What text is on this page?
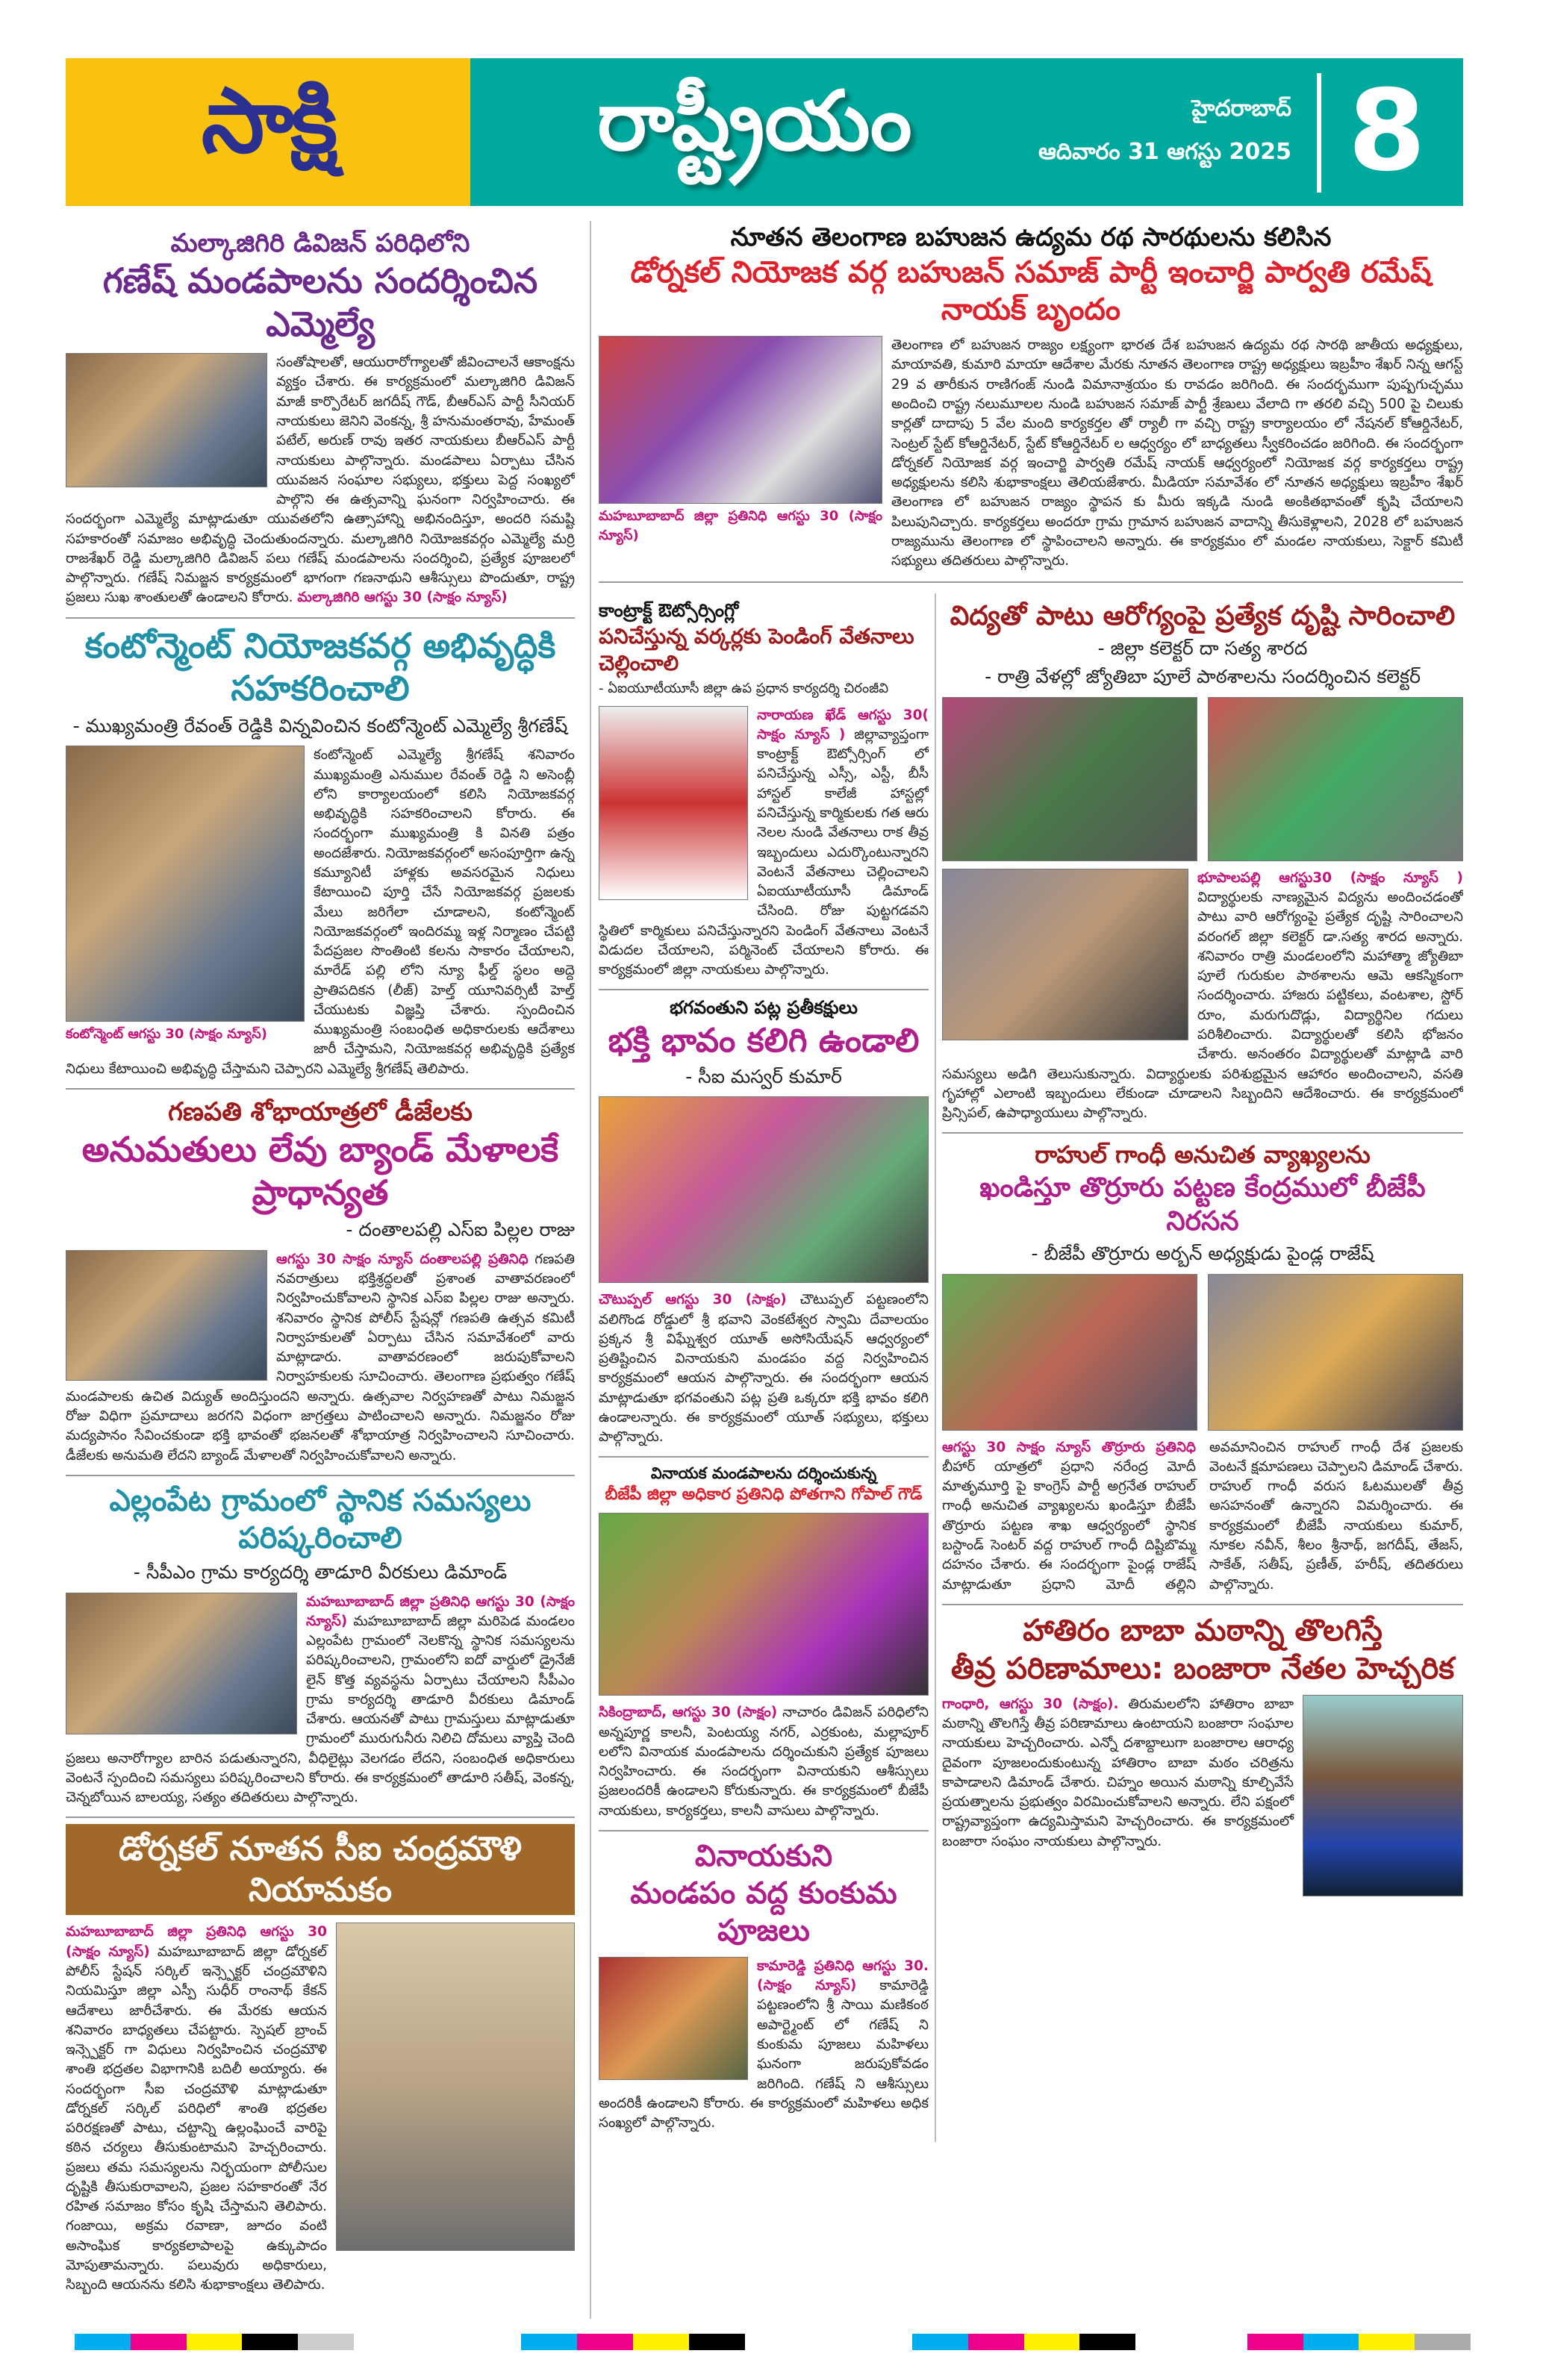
సాక్షి	రాష్ట్రీయం	హైదరాబాద్
ఆదివారం 31 ఆగస్టు 2025 8
మల్కాజిగిరి డివిజన్ పరిధిలోని
గణేష్ మండపాలను సందర్శించిన ఎమ్మెల్యే
సంతోషాలతో, ఆయురారోగ్యాలతో జీవించాలనే ఆకాంక్షను వ్యక్తం చేశారు. ఈ కార్యక్రమంలో మల్కాజిగిరి డివిజన్ మాజీ కార్పొరేటర్ జగదీష్ గౌడ్, బీఆర్ఎస్ పార్టీ సీనియర్ నాయకులు జెనిని వెంకన్న, శ్రీ హనుమంతరావు, హేమంత్ పటేల్, అరుణ్ రావు ఇతర నాయకులు బీఆర్ఎస్ పార్టీ నాయకులు పాల్గొన్నారు. మండపాలు ఏర్పాటు చేసిన యువజన సంఘాల సభ్యులు, భక్తులు పెద్ద సంఖ్యలో పాల్గొని ఈ ఉత్సవాన్ని ఘనంగా నిర్వహించారు. ఈ సందర్భంగా ఎమ్మెల్యే మాట్లాడుతూ యువతలోని ఉత్సాహాన్ని అభినందిస్తూ, అందరి సమష్టి సహకారంతో సమాజం అభివృద్ధి చెందుతుందన్నారు. మల్కాజిగిరి నియోజకవర్గం ఎమ్మెల్యే మర్రి రాజశేఖర్ రెడ్డి మల్కాజిగిరి డివిజన్ పలు గణేష్ మండపాలను సందర్శించి, ప్రత్యేక పూజలలో పాల్గొన్నారు. గణేష్ నిమజ్జన కార్యక్రమంలో భాగంగా గణనాథుని ఆశీస్సులు పొందుతూ, రాష్ట్ర ప్రజలు సుఖ శాంతులతో ఉండాలని కోరారు. మల్కాజిగిరి ఆగస్టు 30 (సాక్షం న్యూస్)
కంటోన్మెంట్ నియోజకవర్గ అభివృద్ధికి సహకరించాలి
- ముఖ్యమంత్రి రేవంత్ రెడ్డికి విన్నవించిన కంటోన్మెంట్ ఎమ్మెల్యే శ్రీగణేష్
కంటోన్మెంట్ ఆగస్టు 30 (సాక్షం న్యూస్)
కంటోన్మెంట్ ఎమ్మెల్యే శ్రీగణేష్ శనివారం ముఖ్యమంత్రి ఎనుముల రేవంత్ రెడ్డి ని అసెంబ్లీ లోని కార్యాలయంలో కలిసి నియోజకవర్గ అభివృద్ధికి సహకరించాలని కోరారు. ఈ సందర్భంగా ముఖ్యమంత్రి కి వినతి పత్రం అందజేశారు. నియోజకవర్గంలో అసంపూర్తిగా ఉన్న కమ్యూనిటీ హాళ్లకు అవసరమైన నిధులు కేటాయించి పూర్తి చేసే నియోజకవర్గ ప్రజలకు మేలు జరిగేలా చూడాలని, కంటోన్మెంట్ నియోజకవర్గంలో ఇందిరమ్మ ఇళ్ల నిర్మాణం చేపట్టి పేదప్రజల సొంతింటి కలను సాకారం చేయాలని, మారేడ్ పల్లి లోని న్యూ ఫీల్డ్ స్థలం అద్దె ప్రాతిపదికన (లీజ్) హెల్త్ యూనివర్సిటీ హెల్త్ చేయుటకు విజ్ఞప్తి చేశారు. స్పందించిన ముఖ్యమంత్రి సంబంధిత అధికారులకు ఆదేశాలు జారీ చేస్తామని, నియోజకవర్గ అభివృద్ధికి ప్రత్యేక నిధులు కేటాయించి అభివృద్ధి చేస్తామని చెప్పారని ఎమ్మెల్యే శ్రీగణేష్ తెలిపారు.
గణపతి శోభాయాత్రలో డీజేలకు
అనుమతులు లేవు బ్యాండ్ మేళాలకే ప్రాధాన్యత
- దంతాలపల్లి ఎస్ఐ పిల్లల రాజు
ఆగస్టు 30 సాక్షం న్యూస్ దంతాలపల్లి ప్రతినిధి గణపతి నవరాత్రులు భక్తిశ్రద్ధలతో ప్రశాంత వాతావరణంలో నిర్వహించుకోవాలని స్థానిక ఎస్ఐ పిల్లల రాజు అన్నారు. శనివారం స్థానిక పోలీస్ స్టేషన్లో గణపతి ఉత్సవ కమిటీ నిర్వాహకులతో ఏర్పాటు చేసిన సమావేశంలో వారు మాట్లాడారు. వాతావరణంలో జరుపుకోవాలని నిర్వాహకులకు సూచించారు. తెలంగాణ ప్రభుత్వం గణేష్ మండపాలకు ఉచిత విద్యుత్ అందిస్తుందని అన్నారు. ఉత్సవాల నిర్వహణతో పాటు నిమజ్జన రోజు విధిగా ప్రమాదాలు జరగని విధంగా జాగ్రత్తలు పాటించాలని అన్నారు. నిమజ్జనం రోజు మద్యపానం సేవించకుండా భక్తి భావంతో భజనలతో శోభాయాత్ర నిర్వహించాలని సూచించారు. డీజేలకు అనుమతి లేదని బ్యాండ్ మేళాలతో నిర్వహించుకోవాలని అన్నారు.
ఎల్లంపేట గ్రామంలో స్థానిక సమస్యలు పరిష్కరించాలి
- సీపీఎం గ్రామ కార్యదర్శి తాడూరి వీరకులు డిమాండ్
మహబూబాబాద్ జిల్లా ప్రతినిధి ఆగస్టు 30 (సాక్షం న్యూస్) మహబూబాబాద్ జిల్లా మరిపెడ మండలం ఎల్లంపేట గ్రామంలో నెలకొన్న స్థానిక సమస్యలను పరిష్కరించాలని, గ్రామంలోని ఐదో వార్డులో డ్రైనేజీ లైన్ కొత్త వ్యవస్థను ఏర్పాటు చేయాలని సీపీఎం గ్రామ కార్యదర్శి తాడూరి వీరకులు డిమాండ్ చేశారు. ఆయనతో పాటు గ్రామస్తులు మాట్లాడుతూ గ్రామంలో మురుగునీరు నిలిచి దోమలు వ్యాప్తి చెంది ప్రజలు అనారోగ్యాల బారిన పడుతున్నారని, వీధిలైట్లు వెలగడం లేదని, సంబంధిత అధికారులు వెంటనే స్పందించి సమస్యలు పరిష్కరించాలని కోరారు. ఈ కార్యక్రమంలో తాడూరి సతీష్, వెంకన్న, చెన్నబోయిన బాలయ్య, సత్యం తదితరులు పాల్గొన్నారు.
డోర్నకల్ నూతన సీఐ చంద్రమౌళి నియామకం
మహబూబాబాద్ జిల్లా ప్రతినిధి ఆగస్టు 30 (సాక్షం న్యూస్) మహబూబాబాద్ జిల్లా డోర్నకల్ పోలీస్ స్టేషన్ సర్కిల్ ఇన్స్పెక్టర్ చంద్రమౌళిని నియమిస్తూ జిల్లా ఎస్పీ సుధీర్ రాంనాథ్ కేకన్ ఆదేశాలు జారీచేశారు. ఈ మేరకు ఆయన శనివారం బాధ్యతలు చేపట్టారు. స్పెషల్ బ్రాంచ్ ఇన్స్పెక్టర్ గా విధులు నిర్వహించిన చంద్రమౌళి శాంతి భద్రతల విభాగానికి బదిలీ అయ్యారు. ఈ సందర్భంగా సీఐ చంద్రమౌళి మాట్లాడుతూ డోర్నకల్ సర్కిల్ పరిధిలో శాంతి భద్రతల పరిరక్షణతో పాటు, చట్టాన్ని ఉల్లంఘించే వారిపై కఠిన చర్యలు తీసుకుంటామని హెచ్చరించారు. ప్రజలు తమ సమస్యలను నిర్భయంగా పోలీసుల దృష్టికి తీసుకురావాలని, ప్రజల సహకారంతో నేర రహిత సమాజం కోసం కృషి చేస్తామని తెలిపారు. గంజాయి, అక్రమ రవాణా, జూదం వంటి అసాంఘిక కార్యకలాపాలపై ఉక్కుపాదం మోపుతామన్నారు. పలువురు అధికారులు, సిబ్బంది ఆయనను కలిసి శుభాకాంక్షలు తెలిపారు.
నూతన తెలంగాణ బహుజన ఉద్యమ రథ సారథులను కలిసిన
డోర్నకల్ నియోజక వర్గ బహుజన్ సమాజ్ పార్టీ ఇంచార్జి పార్వతి రమేష్ నాయక్ బృందం
మహబూబాబాద్ జిల్లా ప్రతినిధి ఆగస్టు 30 (సాక్షం న్యూస్)
తెలంగాణ లో బహుజన రాజ్యం లక్ష్యంగా భారత దేశ బహుజన ఉద్యమ రథ సారథి జాతీయ అధ్యక్షులు, మాయావతి, కుమారి మాయా ఆదేశాల మేరకు నూతన తెలంగాణ రాష్ట్ర అధ్యక్షులు ఇబ్రహీం శేఖర్ నిన్న ఆగస్ట్ 29 వ తారీకున రాణిగంజ్ నుండి విమానాశ్రయం కు రావడం జరిగింది. ఈ సందర్భముగా పుష్పగుచ్ఛము అందించి రాష్ట్ర నలుమూలల నుండి బహుజన సమాజ్ పార్టీ శ్రేణులు వేలాది గా తరలి వచ్చి 500 పై చిలుకు కార్లతో దాదాపు 5 వేల మంది కార్యకర్తల తో ర్యాలీ గా వచ్చి రాష్ట్ర కార్యాలయం లో నేషనల్ కోఆర్డినేటర్, సెంట్రల్ స్టేట్ కోఆర్డినేటర్, స్టేట్ కోఆర్డినేటర్ ల ఆధ్వర్యం లో బాధ్యతలు స్వీకరించడం జరిగింది. ఈ సందర్భంగా డోర్నకల్ నియోజక వర్గ ఇంచార్జి పార్వతి రమేష్ నాయక్ ఆధ్వర్యంలో నియోజక వర్గ కార్యకర్తలు రాష్ట్ర అధ్యక్షులను కలిసి శుభాకాంక్షలు తెలియజేశారు. మీడియా సమావేశం లో నూతన అధ్యక్షులు ఇబ్రహీం శేఖర్ తెలంగాణ లో బహుజన రాజ్యం స్థాపన కు మీరు ఇక్కడి నుండి అంకితభావంతో కృషి చేయాలని పిలుపునిచ్చారు. కార్యకర్తలు అందరూ గ్రామ గ్రామాన బహుజన వాదాన్ని తీసుకెళ్లాలని, 2028 లో బహుజన రాజ్యమును తెలంగాణ లో స్థాపించాలని అన్నారు. ఈ కార్యక్రమం లో మండల నాయకులు, సెక్టార్ కమిటీ సభ్యులు తదితరులు పాల్గొన్నారు.
కాంట్రాక్ట్ ఔట్సోర్సింగ్లో
పనిచేస్తున్న వర్కర్లకు పెండింగ్ వేతనాలు చెల్లించాలి
- ఏఐయూటీయూసీ జిల్లా ఉప ప్రధాన కార్యదర్శి చిరంజీవి
నారాయణ ఖేడ్ ఆగస్టు 30( సాక్షం న్యూస్ ) జిల్లావ్యాప్తంగా కాంట్రాక్ట్ ఔట్సోర్సింగ్ లో పనిచేస్తున్న ఎస్సీ, ఎస్టీ, బీసీ హాస్టల్ కాలేజీ హాస్టల్లో పనిచేస్తున్న కార్మికులకు గత ఆరు నెలల నుండి వేతనాలు రాక తీవ్ర ఇబ్బందులు ఎదుర్కొంటున్నారని వెంటనే వేతనాలు చెల్లించాలని ఏఐయూటీయూసీ డిమాండ్ చేసింది. రోజు పుట్టగడవని స్థితిలో కార్మికులు పనిచేస్తున్నారని పెండింగ్ వేతనాలు వెంటనే విడుదల చేయాలని, పర్మినెంట్ చేయాలని కోరారు. ఈ కార్యక్రమంలో జిల్లా నాయకులు పాల్గొన్నారు.
భగవంతుని పట్ల ప్రతీకక్షులు
భక్తి భావం కలిగి ఉండాలి
- సీఐ మస్వర్ కుమార్
చౌటుప్పల్ ఆగస్టు 30 (సాక్షం) చౌటుప్పల్ పట్టణంలోని వలిగొండ రోడ్డులో శ్రీ భవాని వెంకటేశ్వర స్వామి దేవాలయం ప్రక్కన శ్రీ విఘ్నేశ్వర యూత్ అసోసియేషన్ ఆధ్వర్యంలో ప్రతిష్టించిన వినాయకుని మండపం వద్ద నిర్వహించిన కార్యక్రమంలో ఆయన పాల్గొన్నారు. ఈ సందర్భంగా ఆయన మాట్లాడుతూ భగవంతుని పట్ల ప్రతి ఒక్కరూ భక్తి భావం కలిగి ఉండాలన్నారు. ఈ కార్యక్రమంలో యూత్ సభ్యులు, భక్తులు పాల్గొన్నారు.
వినాయక మండపాలను దర్శించుకున్న
బీజేపీ జిల్లా అధికార ప్రతినిధి పోతగాని గోపాల్ గౌడ్
సికింద్రాబాద్, ఆగస్టు 30 (సాక్షం) నాచారం డివిజన్ పరిధిలోని అన్నపూర్ణ కాలనీ, పెంటయ్య నగర్, ఎర్రకుంట, మల్లాపూర్ లలోని వినాయక మండపాలను దర్శించుకుని ప్రత్యేక పూజలు నిర్వహించారు. ఈ సందర్భంగా వినాయకుని ఆశీస్సులు ప్రజలందరికీ ఉండాలని కోరుకున్నారు. ఈ కార్యక్రమంలో బీజేపీ నాయకులు, కార్యకర్తలు, కాలనీ వాసులు పాల్గొన్నారు.
వినాయకుని
మండపం వద్ద కుంకుమ పూజలు
కామారెడ్డి ప్రతినిధి ఆగస్టు 30. (సాక్షం న్యూస్) కామారెడ్డి పట్టణంలోని శ్రీ సాయి మణికంఠ అపార్ట్మెంట్ లో గణేష్ ని కుంకుమ పూజలు మహిళలు ఘనంగా జరుపుకోవడం జరిగింది. గణేష్ ని ఆశీస్సులు అందరికీ ఉండాలని కోరారు. ఈ కార్యక్రమంలో మహిళలు అధిక సంఖ్యలో పాల్గొన్నారు.
విద్యతో పాటు ఆరోగ్యంపై ప్రత్యేక దృష్టి సారించాలి
- జిల్లా కలెక్టర్ దా సత్య శారద
- రాత్రి వేళల్లో జ్యోతిబా పూలే పాఠశాలను సందర్శించిన కలెక్టర్
భూపాలపల్లి ఆగస్టు30 (సాక్షం న్యూస్ ) విద్యార్థులకు నాణ్యమైన విద్యను అందించడంతో పాటు వారి ఆరోగ్యంపై ప్రత్యేక దృష్టి సారించాలని వరంగల్ జిల్లా కలెక్టర్ డా.సత్య శారద అన్నారు. శనివారం రాత్రి మండలంలోని మహాత్మా జ్యోతిబా పూలే గురుకుల పాఠశాలను ఆమె ఆకస్మికంగా సందర్శించారు. హాజరు పట్టికలు, వంటశాల, స్టోర్ రూం, మరుగుదొడ్లు, విద్యార్థినిల గదులు పరిశీలించారు. విద్యార్థులతో కలిసి భోజనం చేశారు. అనంతరం విద్యార్థులతో మాట్లాడి వారి సమస్యలు అడిగి తెలుసుకున్నారు. విద్యార్థులకు పరిశుభ్రమైన ఆహారం అందించాలని, వసతి గృహాల్లో ఎలాంటి ఇబ్బందులు లేకుండా చూడాలని సిబ్బందిని ఆదేశించారు. ఈ కార్యక్రమంలో ప్రిన్సిపల్, ఉపాధ్యాయులు పాల్గొన్నారు.
రాహుల్ గాంధీ అనుచిత వ్యాఖ్యలను
ఖండిస్తూ తొర్రూరు పట్టణ కేంద్రములో బీజేపీ నిరసన
- బీజేపీ తొర్రూరు అర్బన్ అధ్యక్షుడు పైండ్ల రాజేష్
ఆగస్టు 30 సాక్షం న్యూస్ తొర్రూరు ప్రతినిధి బీహార్ యాత్రలో ప్రధాని నరేంద్ర మోదీ మాతృమూర్తి పై కాంగ్రెస్ పార్టీ అగ్రనేత రాహుల్ గాంధీ అనుచిత వ్యాఖ్యలను ఖండిస్తూ బీజేపీ తొర్రూరు పట్టణ శాఖ ఆధ్వర్యంలో స్థానిక బస్టాండ్ సెంటర్ వద్ద రాహుల్ గాంధీ దిష్టిబొమ్మ దహనం చేశారు. ఈ సందర్భంగా పైండ్ల రాజేష్ మాట్లాడుతూ ప్రధాని మోదీ తల్లిని అవమానించిన రాహుల్ గాంధీ దేశ ప్రజలకు వెంటనే క్షమాపణలు చెప్పాలని డిమాండ్ చేశారు. రాహుల్ గాంధీ వరుస ఓటములతో తీవ్ర అసహనంతో ఉన్నారని విమర్శించారు. ఈ కార్యక్రమంలో బీజేపీ నాయకులు కుమార్, నూకల నవీన్, శీలం శ్రీనాథ్, జగదీష్, తేజస్, సాకేత్, సతీష్, ప్రణీత్, హరీష్, తదితరులు పాల్గొన్నారు.
హాతిరం బాబా మఠాన్ని తొలగిస్తే
తీవ్ర పరిణామాలు: బంజారా నేతల హెచ్చరిక
గాంధారి, ఆగస్టు 30 (సాక్షం). తిరుమలలోని హాతిరాం బాబా మఠాన్ని తొలగిస్తే తీవ్ర పరిణామాలు ఉంటాయని బంజారా సంఘాల నాయకులు హెచ్చరించారు. ఎన్నో దశాబ్దాలుగా బంజారాల ఆరాధ్య దైవంగా పూజలందుకుంటున్న హాతిరాం బాబా మఠం చరిత్రను కాపాడాలని డిమాండ్ చేశారు. చిహ్నం అయిన మఠాన్ని కూల్చివేసే ప్రయత్నాలను ప్రభుత్వం విరమించుకోవాలని అన్నారు. లేని పక్షంలో రాష్ట్రవ్యాప్తంగా ఉద్యమిస్తామని హెచ్చరించారు. ఈ కార్యక్రమంలో బంజారా సంఘం నాయకులు పాల్గొన్నారు.
